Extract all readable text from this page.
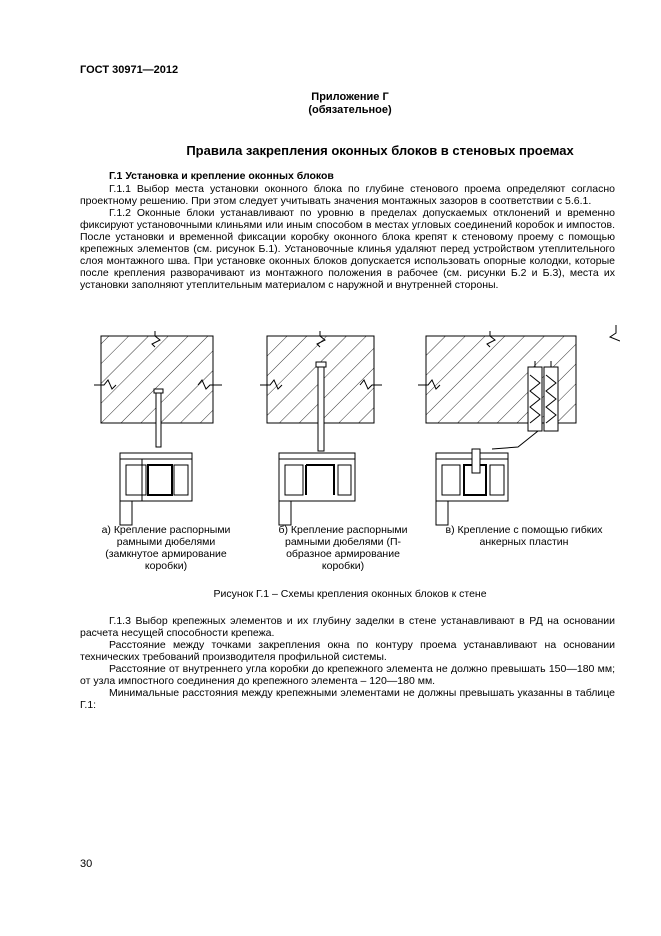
ГОСТ 30971—2012
Приложение Г
(обязательное)
Правила закрепления оконных блоков в стеновых проемах
Г.1 Установка и крепление оконных блоков

Г.1.1 Выбор места установки оконного блока по глубине стенового проема определяют согласно проектному решению. При этом следует учитывать значения монтажных зазоров в соответствии с 5.6.1.

Г.1.2 Оконные блоки устанавливают по уровню в пределах допускаемых отклонений и временно фиксируют установочными клиньями или иным способом в местах угловых соединений коробок и импостов. После установки и временной фиксации коробку оконного блока крепят к стеновому проему с помощью крепежных элементов (см. рисунок Б.1). Установочные клинья удаляют перед устройством утеплительного слоя монтажного шва. При установке оконных блоков допускается использовать опорные колодки, которые после крепления разворачивают из монтажного положения в рабочее (см. рисунки Б.2 и Б.3), места их установки заполняют утеплительным материалом с наружной и внутренней стороны.

а) Крепление распорными рамными дюбелями (замкнутое армирование коробки)
б) Крепление распорными рамными дюбелями (П-образное армирование коробки)
в) Крепление с помощью гибких анкерных пластин
Рисунок Г.1 – Схемы крепления оконных блоков к стене

Г.1.3 Выбор крепежных элементов и их глубину заделки в стене устанавливают в РД на основании расчета несущей способности крепежа.

Расстояние между точками закрепления окна по контуру проема устанавливают на основании технических требований производителя профильной системы.

Расстояние от внутреннего угла коробки до крепежного элемента не должно превышать 150—180 мм; от узла импостного соединения до крепежного элемента – 120—180 мм.

Минимальные расстояния между крепежными элементами не должны превышать указанны в таблице Г.1:

30
